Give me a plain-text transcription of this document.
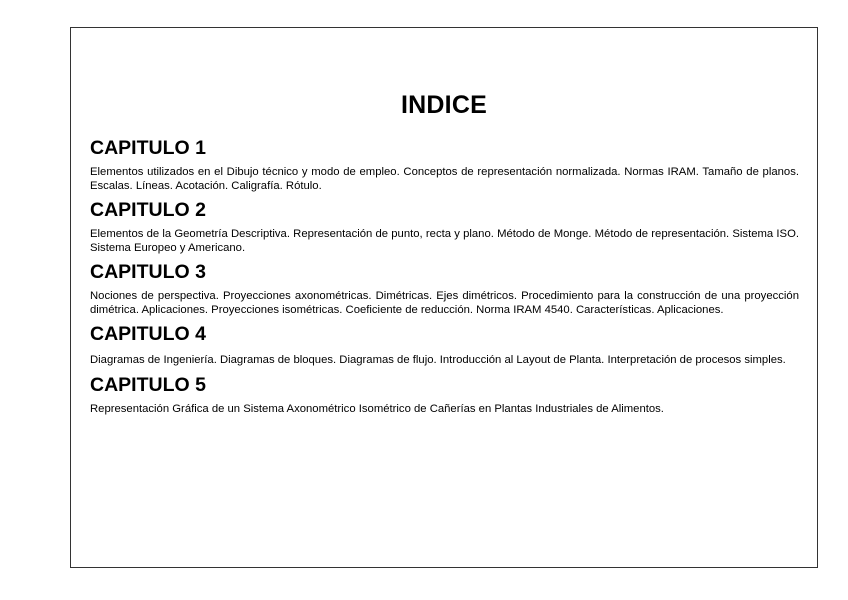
INDICE
CAPITULO 1

Elementos utilizados en el Dibujo técnico y modo de empleo. Conceptos de representación normalizada. Normas IRAM. Tamaño de planos. Escalas. Líneas. Acotación. Caligrafía. Rótulo.

CAPITULO 2

Elementos de la Geometría Descriptiva. Representación de punto, recta y plano. Método de Monge. Método de representación. Sistema ISO. Sistema Europeo y Americano.

CAPITULO 3

Nociones de perspectiva. Proyecciones axonométricas. Dimétricas. Ejes dimétricos. Procedimiento para la construcción de una proyección dimétrica. Aplicaciones. Proyecciones isométricas. Coeficiente de reducción. Norma IRAM 4540. Características. Aplicaciones.

CAPITULO 4

Diagramas de Ingeniería. Diagramas de bloques. Diagramas de flujo. Introducción al Layout de Planta. Interpretación de procesos simples.

CAPITULO 5

Representación Gráfica de un Sistema Axonométrico Isométrico de Cañerías en Plantas Industriales de Alimentos.
